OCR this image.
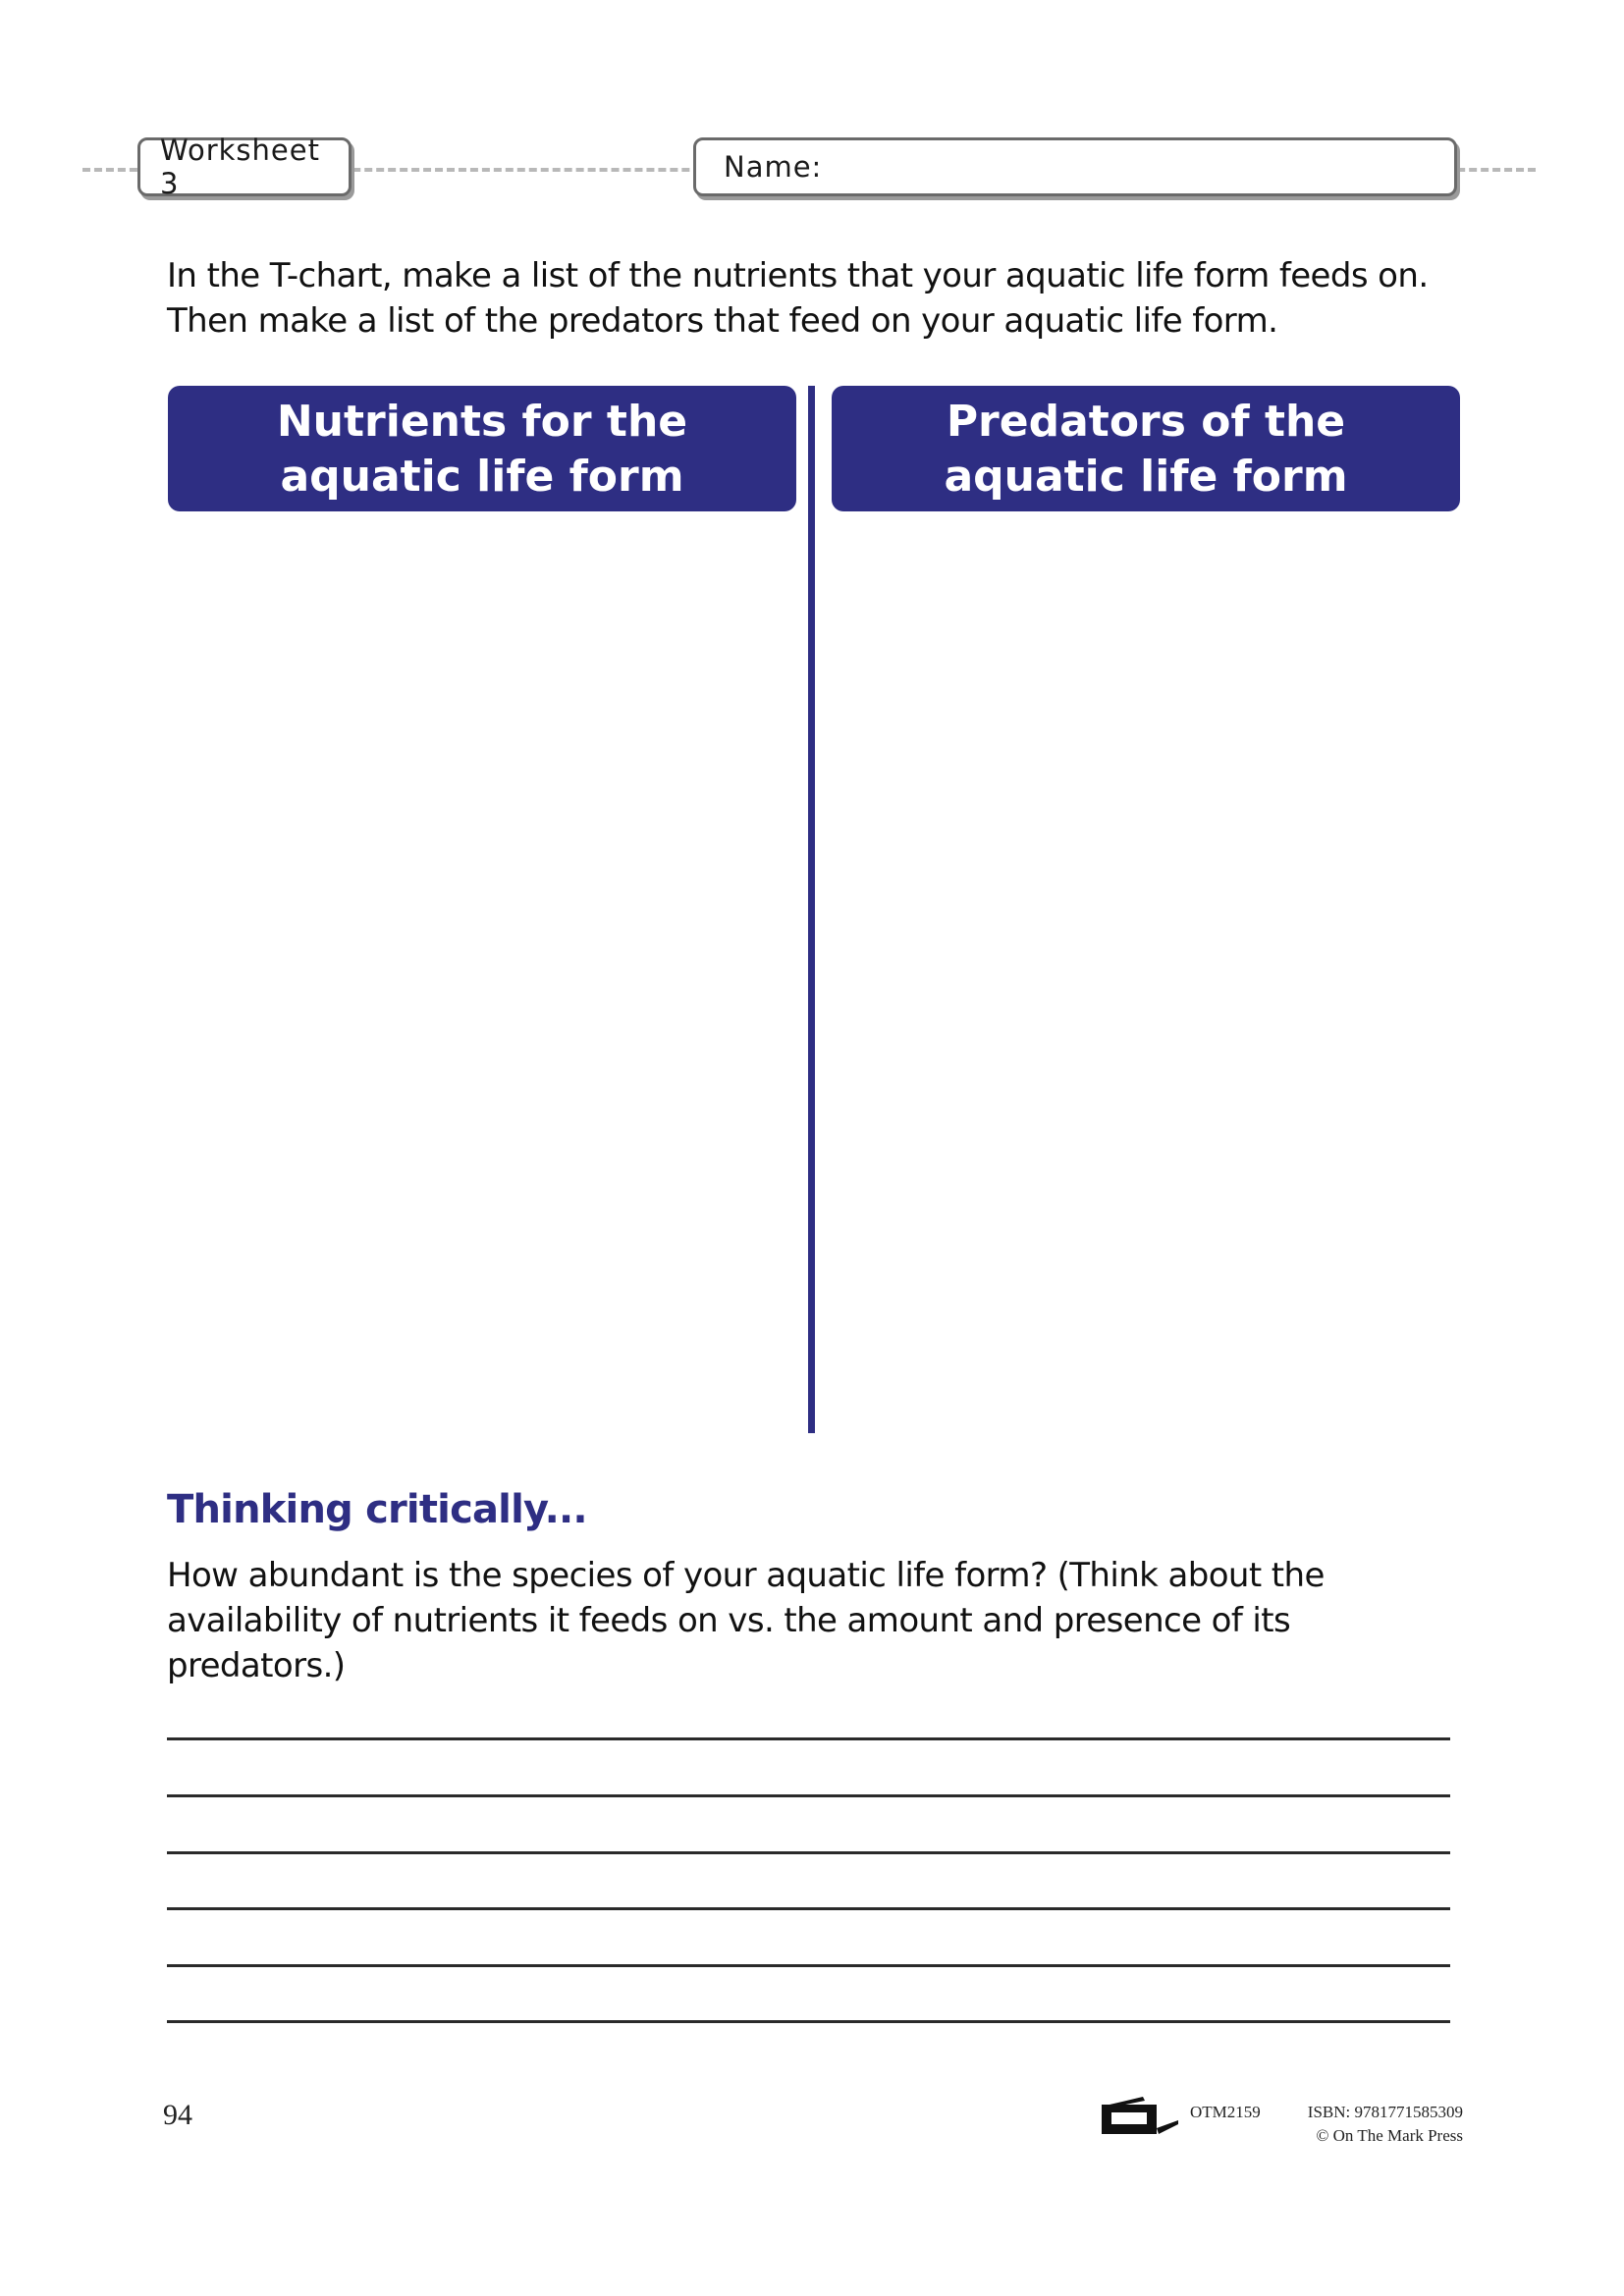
Worksheet 3	Name:
In the T-chart, make a list of the nutrients that your aquatic life form feeds on.
Then make a list of the predators that feed on your aquatic life form.
Nutrients for the
aquatic life form
Predators of the
aquatic life form
Thinking critically...
How abundant is the species of your aquatic life form? (Think about the
availability of nutrients it feeds on vs. the amount and presence of its
predators.)
94	OTM2159	ISBN: 9781771585309
© On The Mark Press
